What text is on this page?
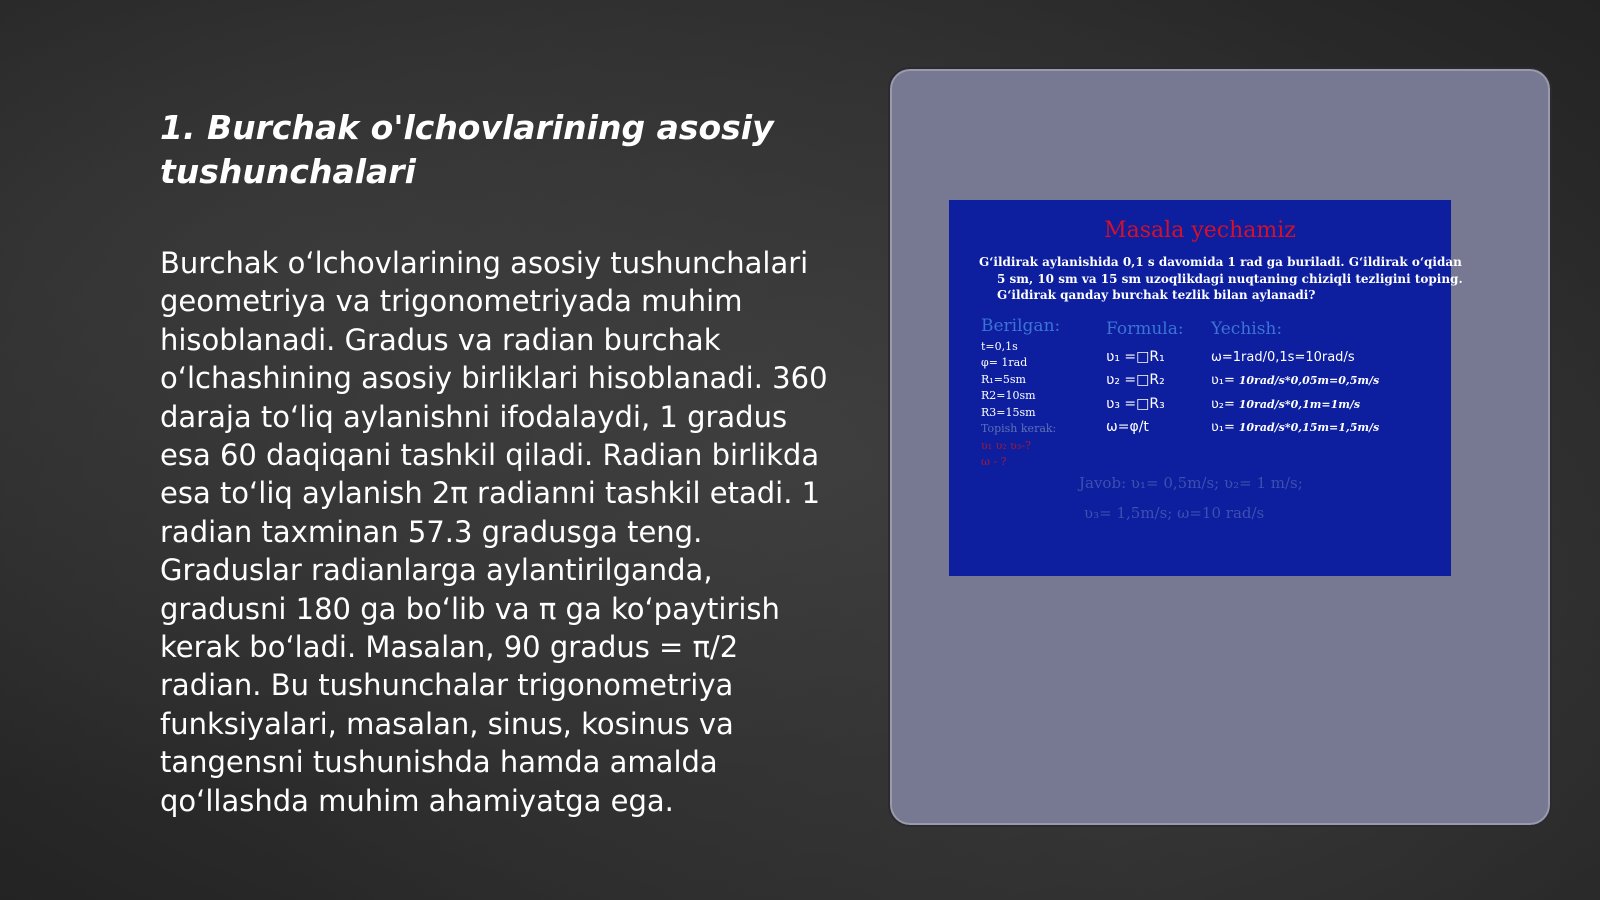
1. Burchak o'lchovlarining asosiy tushunchalari

Burchak o‘lchovlarining asosiy tushunchalari geometriya va trigonometriyada muhim hisoblanadi. Gradus va radian burchak o‘lchashining asosiy birliklari hisoblanadi. 360 daraja to‘liq aylanishni ifodalaydi, 1 gradus esa 60 daqiqani tashkil qiladi. Radian birlikda esa to‘liq aylanish 2π radianni tashkil etadi. 1 radian taxminan 57.3 gradusga teng. Graduslar radianlarga aylantirilganda, gradusni 180 ga bo‘lib va π ga ko‘paytirish kerak bo‘ladi. Masalan, 90 gradus = π/2 radian. Bu tushunchalar trigonometriya funksiyalari, masalan, sinus, kosinus va tangensni tushunishda hamda amalda qo‘llashda muhim ahamiyatga ega.

Masala yechamiz
G‘ildirak aylanishida 0,1 s davomida 1 rad ga buriladi. G‘ildirak o‘qidan
5 sm, 10 sm va 15 sm uzoqlikdagi nuqtaning chiziqli tezligini toping.
G‘ildirak qanday burchak tezlik bilan aylanadi?
Berilgan:
t=0,1s
φ= 1rad
R₁=5sm
R2=10sm
R3=15sm
Topish kerak:
ʋ₁ ʋ₂ ʋ₃-?
ω - ?
Formula:
ʋ₁ =□R₁
ʋ₂ =□R₂
ʋ₃ =□R₃
ω=φ/t
Yechish:
ω=1rad/0,1s=10rad/s
ʋ₁= 10rad/s*0,05m=0,5m/s
ʋ₂= 10rad/s*0,1m=1m/s
ʋ₁= 10rad/s*0,15m=1,5m/s
Javob: ʋ₁= 0,5m/s; ʋ₂= 1 m/s;
ʋ₃= 1,5m/s; ω=10 rad/s
